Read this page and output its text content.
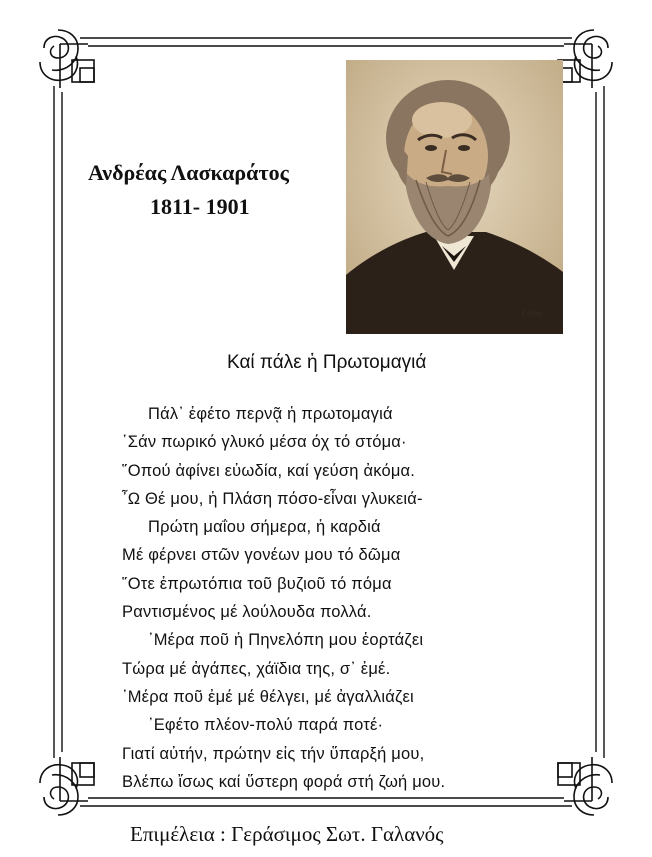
Ανδρέας Λασκαράτος
1811- 1901
Γύζης
Καί πάλε ἡ Πρωτομαγιά
Πάλ᾽ ἐφέτο περνᾷ ἡ πρωτομαγιά
῾Σάν πωρικό γλυκό μέσα όχ τό στόμα·
῞Οπού ἀφίνει εὐωδία, καί γεύση ἀκόμα.
῏Ω Θέ μου, ἡ Πλάση πόσο-εἶναι γλυκειά-
Πρώτη μαΐου σήμερα, ἡ καρδιά
Μέ φέρνει στῶν γονέων μου τό δῶμα
῞Οτε ἐπρωτόπια τοῦ βυζιοῦ τό πόμα
Ραντισμένος μέ λούλουδα πολλά.
᾽Μέρα ποῦ ἡ Πηνελόπη μου ἑορτάζει
Τώρα μέ ἀγάπες, χάϊδια της, σ᾽ ἐμέ.
᾽Μέρα ποῦ ἐμέ μέ θέλγει, μέ ἀγαλλιάζει
᾽Εφέτο πλέον-πολύ παρά ποτέ·
Γιατί αὐτήν, πρώτην εἰς τήν ὕπαρξή μου,
Βλέπω ἴσως καί ὕστερη φορά στή ζωή μου.
Επιμέλεια : Γεράσιμος Σωτ. Γαλανός
